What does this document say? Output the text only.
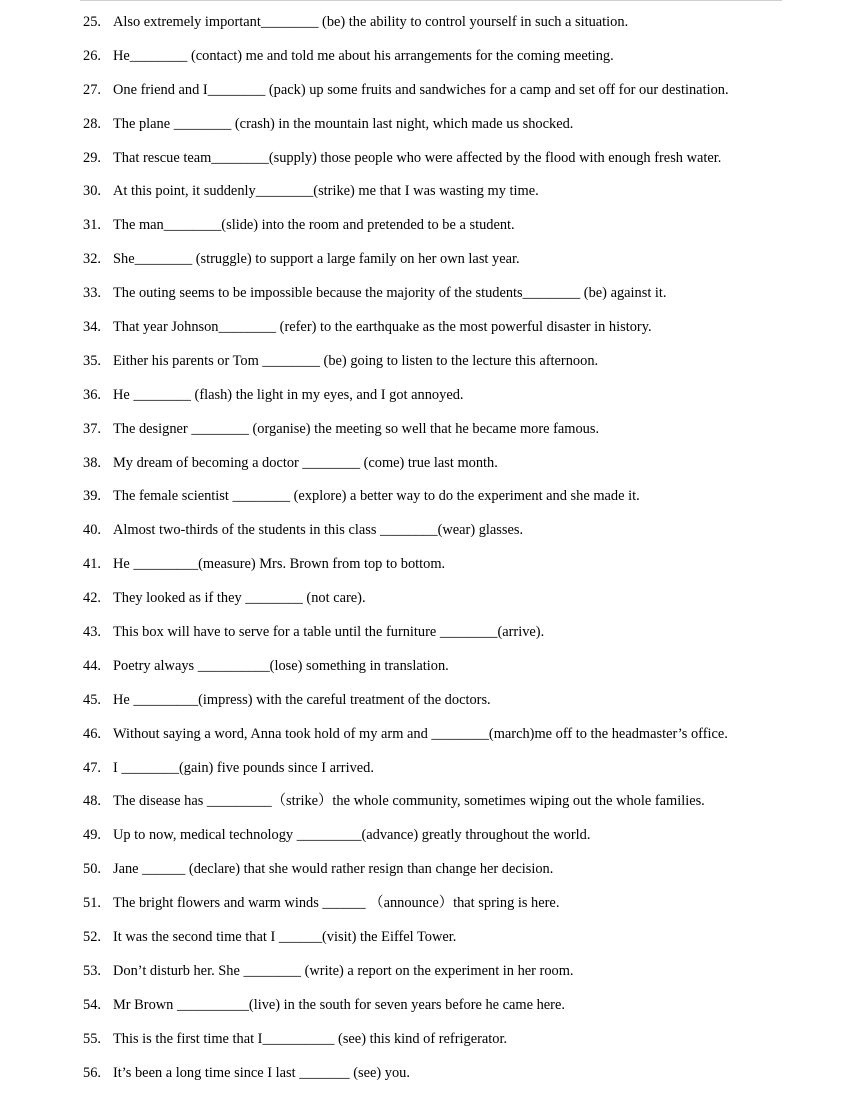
25. Also extremely important________ (be) the ability to control yourself in such a situation.
26. He________ (contact) me and told me about his arrangements for the coming meeting.
27. One friend and I________ (pack) up some fruits and sandwiches for a camp and set off for our destination.
28. The plane ________ (crash) in the mountain last night, which made us shocked.
29. That rescue team________(supply) those people who were affected by the flood with enough fresh water.
30. At this point, it suddenly________(strike) me that I was wasting my time.
31. The man________(slide) into the room and pretended to be a student.
32. She________ (struggle) to support a large family on her own last year.
33. The outing seems to be impossible because the majority of the students________ (be) against it.
34. That year Johnson________ (refer) to the earthquake as the most powerful disaster in history.
35. Either his parents or Tom ________ (be) going to listen to the lecture this afternoon.
36. He ________ (flash) the light in my eyes, and I got annoyed.
37. The designer ________ (organise) the meeting so well that he became more famous.
38. My dream of becoming a doctor ________ (come) true last month.
39. The female scientist ________ (explore) a better way to do the experiment and she made it.
40. Almost two-thirds of the students in this class ________(wear) glasses.
41. He _________(measure) Mrs. Brown from top to bottom.
42. They looked as if they ________ (not care).
43. This box will have to serve for a table until the furniture ________(arrive).
44. Poetry always __________(lose) something in translation.
45. He _________(impress) with the careful treatment of the doctors.
46. Without saying a word, Anna took hold of my arm and ________(march)me off to the headmaster’s office.
47. I ________(gain) five pounds since I arrived.
48. The disease has _________（strike）the whole community, sometimes wiping out the whole families.
49. Up to now, medical technology _________(advance) greatly throughout the world.
50. Jane ______ (declare) that she would rather resign than change her decision.
51. The bright flowers and warm winds ______ （announce）that spring is here.
52. It was the second time that I ______(visit) the Eiffel Tower.
53. Don’t disturb her. She ________ (write) a report on the experiment in her room.
54. Mr Brown __________(live) in the south for seven years before he came here.
55. This is the first time that I__________ (see) this kind of refrigerator.
56. It’s been a long time since I last _______ (see) you.
